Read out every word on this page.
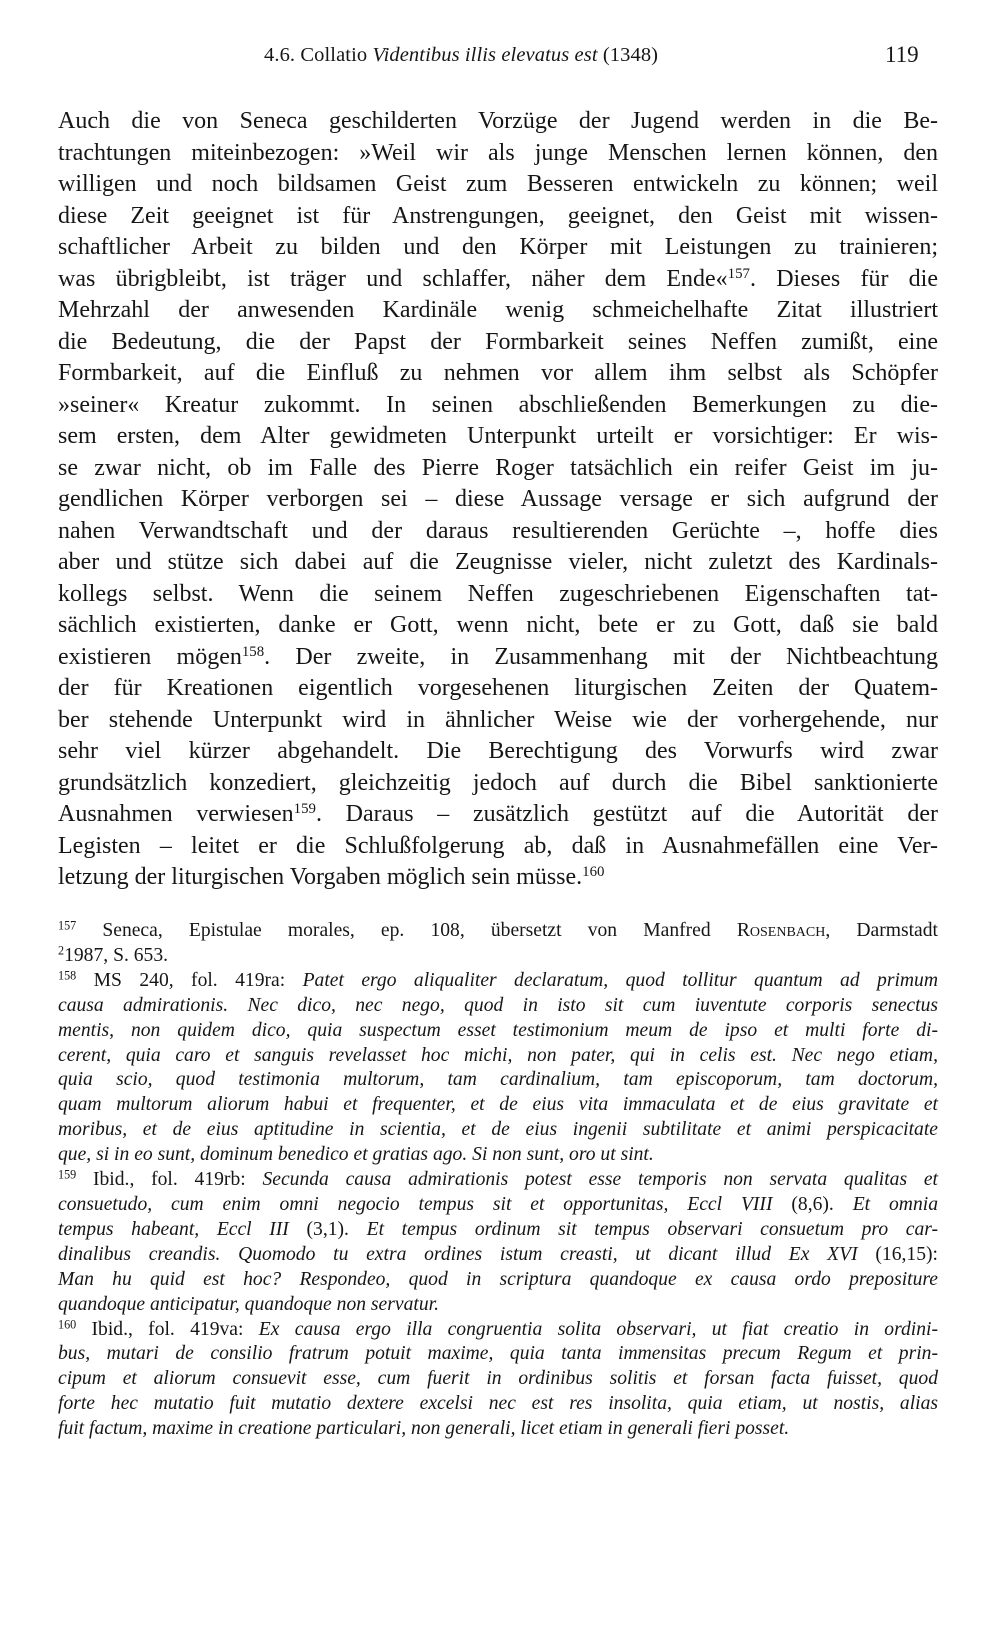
4.6. Collatio Videntibus illis elevatus est (1348)	119
Auch die von Seneca geschilderten Vorzüge der Jugend werden in die Be-
trachtungen miteinbezogen: »Weil wir als junge Menschen lernen können, den
willigen und noch bildsamen Geist zum Besseren entwickeln zu können; weil
diese Zeit geeignet ist für Anstrengungen, geeignet, den Geist mit wissen-
schaftlicher Arbeit zu bilden und den Körper mit Leistungen zu trainieren;
was übrigbleibt, ist träger und schlaffer, näher dem Ende«$^{157}$. Dieses für die
Mehrzahl der anwesenden Kardinäle wenig schmeichelhafte Zitat illustriert
die Bedeutung, die der Papst der Formbarkeit seines Neffen zumißt, eine
Formbarkeit, auf die Einfluß zu nehmen vor allem ihm selbst als Schöpfer
»seiner« Kreatur zukommt. In seinen abschließenden Bemerkungen zu die-
sem ersten, dem Alter gewidmeten Unterpunkt urteilt er vorsichtiger: Er wis-
se zwar nicht, ob im Falle des Pierre Roger tatsächlich ein reifer Geist im ju-
gendlichen Körper verborgen sei – diese Aussage versage er sich aufgrund der
nahen Verwandtschaft und der daraus resultierenden Gerüchte –, hoffe dies
aber und stütze sich dabei auf die Zeugnisse vieler, nicht zuletzt des Kardinals-
kollegs selbst. Wenn die seinem Neffen zugeschriebenen Eigenschaften tat-
sächlich existierten, danke er Gott, wenn nicht, bete er zu Gott, daß sie bald
existieren mögen$^{158}$. Der zweite, in Zusammenhang mit der Nichtbeachtung
der für Kreationen eigentlich vorgesehenen liturgischen Zeiten der Quatem-
ber stehende Unterpunkt wird in ähnlicher Weise wie der vorhergehende, nur
sehr viel kürzer abgehandelt. Die Berechtigung des Vorwurfs wird zwar
grundsätzlich konzediert, gleichzeitig jedoch auf durch die Bibel sanktionierte
Ausnahmen verwiesen$^{159}$. Daraus – zusätzlich gestützt auf die Autorität der
Legisten – leitet er die Schlußfolgerung ab, daß in Ausnahmefällen eine Ver-
letzung der liturgischen Vorgaben möglich sein müsse.$^{160}$
$^{157}$ Seneca, Epistulae morales, ep. 108, übersetzt von Manfred Rosenbach, Darmstadt
$^2$1987, S. 653.
$^{158}$ MS 240, fol. 419ra: Patet ergo aliqualiter declaratum, quod tollitur quantum ad primum
causa admirationis. Nec dico, nec nego, quod in isto sit cum iuventute corporis senectus
mentis, non quidem dico, quia suspectum esset testimonium meum de ipso et multi forte di-
cerent, quia caro et sanguis revelasset hoc michi, non pater, qui in celis est. Nec nego etiam,
quia scio, quod testimonia multorum, tam cardinalium, tam episcoporum, tam doctorum,
quam multorum aliorum habui et frequenter, et de eius vita immaculata et de eius gravitate et
moribus, et de eius aptitudine in scientia, et de eius ingenii subtilitate et animi perspicacitate
que, si in eo sunt, dominum benedico et gratias ago. Si non sunt, oro ut sint.
$^{159}$ Ibid., fol. 419rb: Secunda causa admirationis potest esse temporis non servata qualitas et
consuetudo, cum enim omni negocio tempus sit et opportunitas, Eccl VIII (8,6). Et omnia
tempus habeant, Eccl III (3,1). Et tempus ordinum sit tempus observari consuetum pro car-
dinalibus creandis. Quomodo tu extra ordines istum creasti, ut dicant illud Ex XVI (16,15):
Man hu quid est hoc? Respondeo, quod in scriptura quandoque ex causa ordo prepositure
quandoque anticipatur, quandoque non servatur.
$^{160}$ Ibid., fol. 419va: Ex causa ergo illa congruentia solita observari, ut fiat creatio in ordini-
bus, mutari de consilio fratrum potuit maxime, quia tanta immensitas precum Regum et prin-
cipum et aliorum consuevit esse, cum fuerit in ordinibus solitis et forsan facta fuisset, quod
forte hec mutatio fuit mutatio dextere excelsi nec est res insolita, quia etiam, ut nostis, alias
fuit factum, maxime in creatione particulari, non generali, licet etiam in generali fieri posset.
